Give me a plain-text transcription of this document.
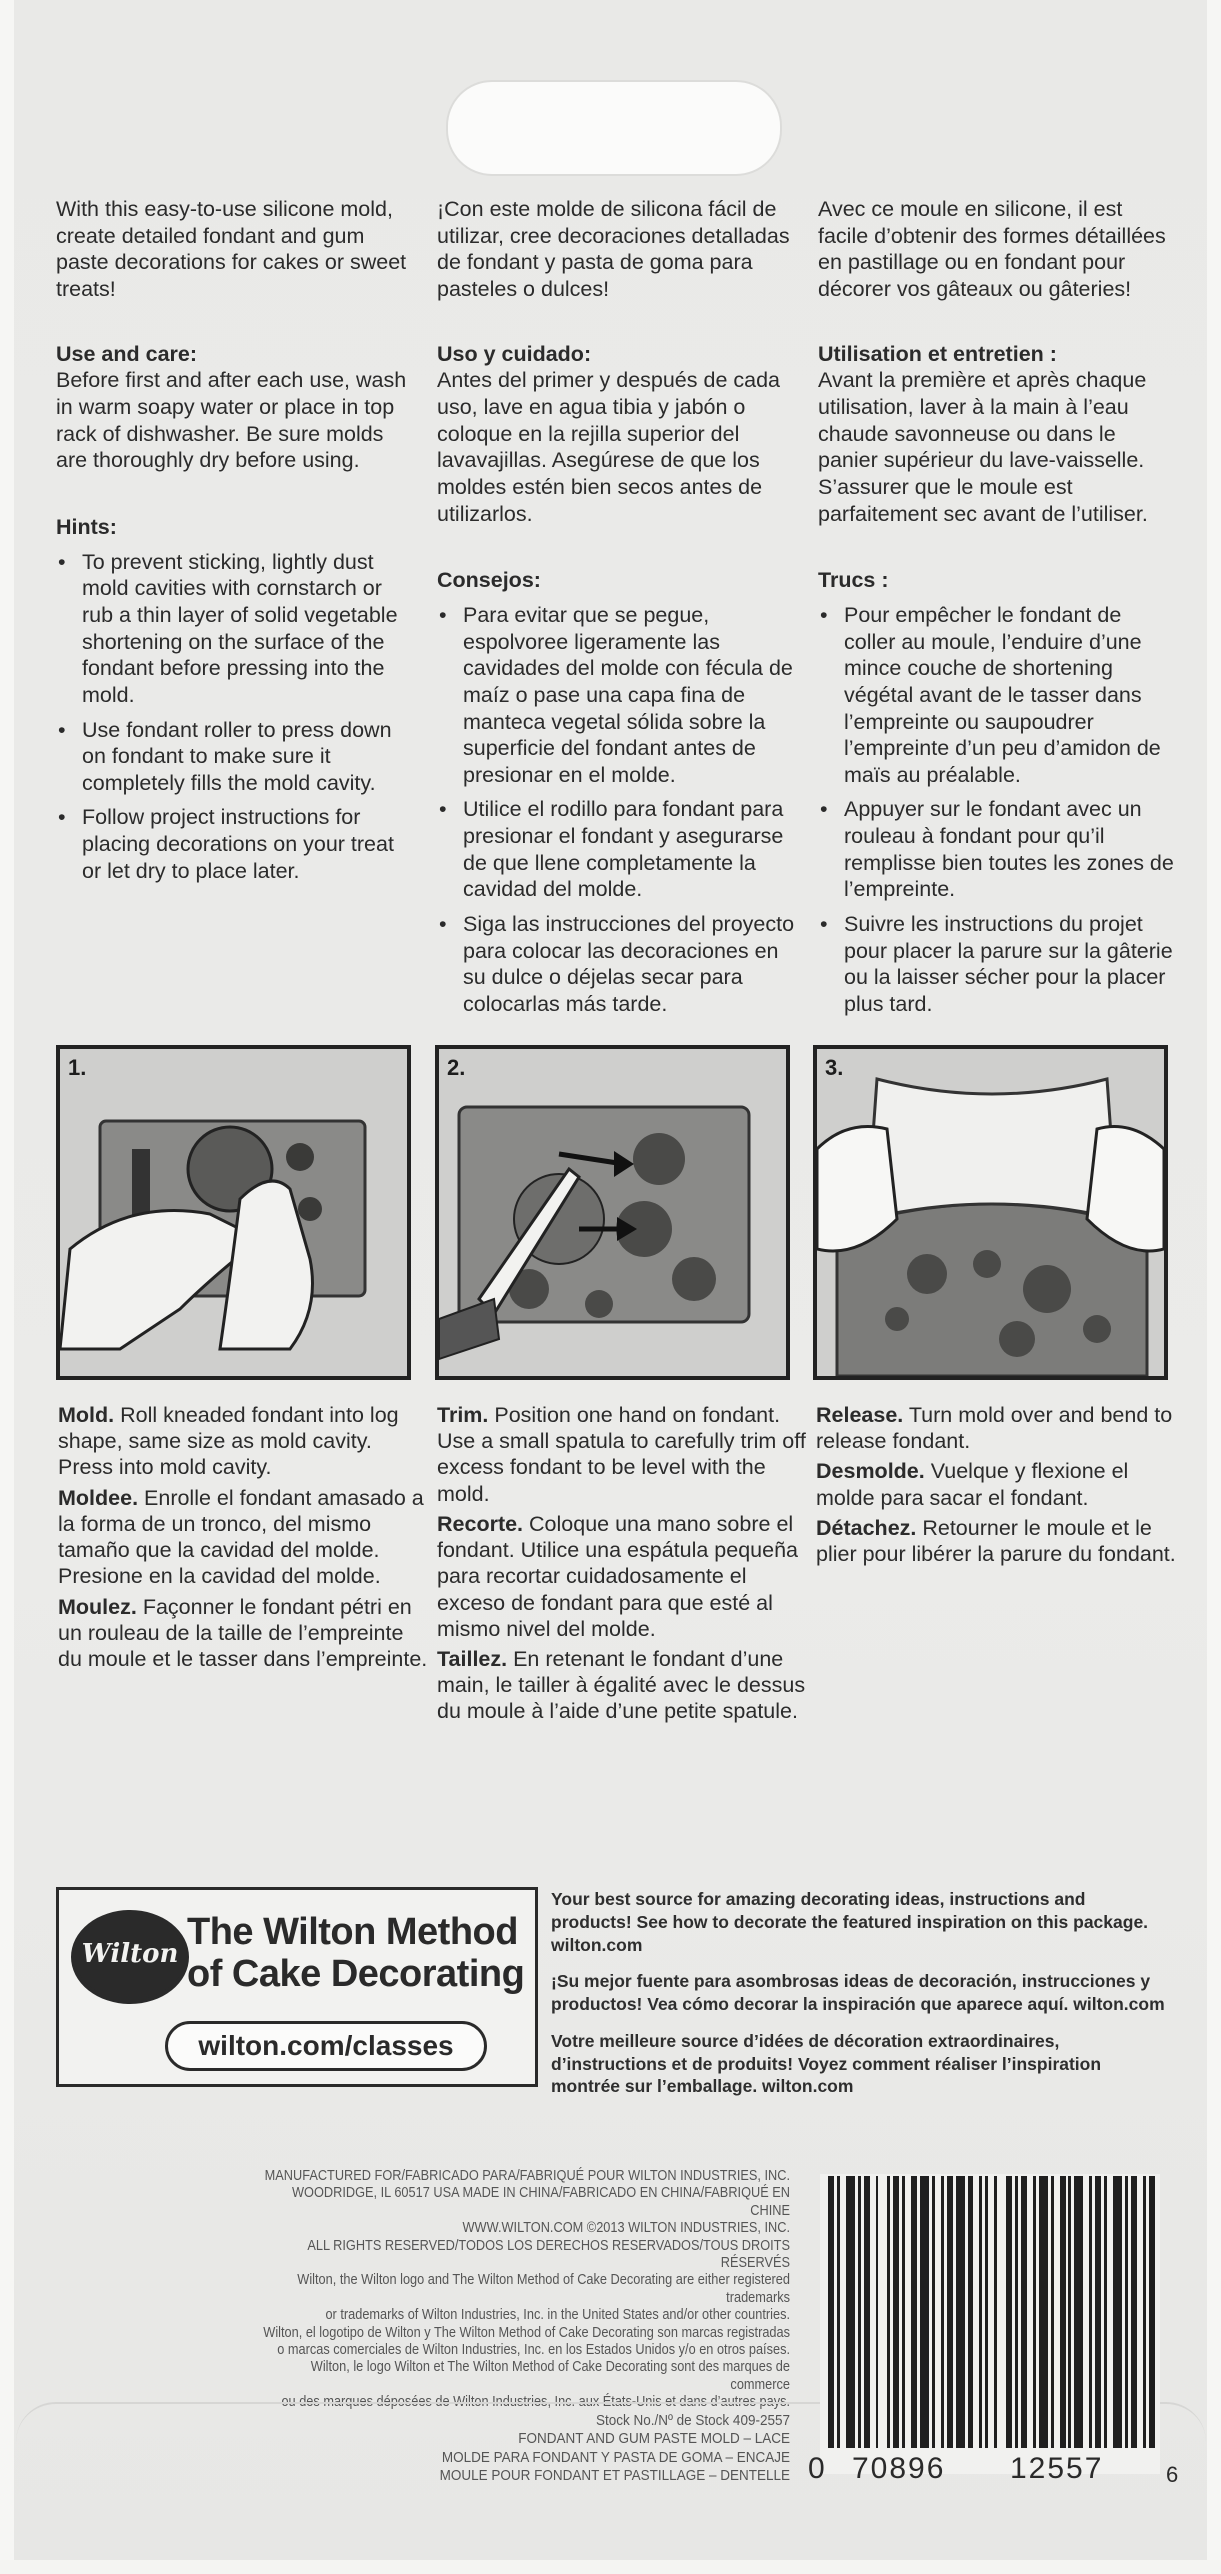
With this easy-to-use silicone mold, create detailed fondant and gum paste decorations for cakes or sweet treats!

Use and care:

Before first and after each use, wash in warm soapy water or place in top rack of dishwasher. Be sure molds are thoroughly dry before using.

Hints:
• To prevent sticking, lightly dust mold cavities with cornstarch or rub a thin layer of solid vegetable shortening on the surface of the fondant before pressing into the mold.
• Use fondant roller to press down on fondant to make sure it completely fills the mold cavity.
• Follow project instructions for placing decorations on your treat or let dry to place later.

¡Con este molde de silicona fácil de utilizar, cree decoraciones detalladas de fondant y pasta de goma para pasteles o dulces!

Uso y cuidado:

Antes del primer y después de cada uso, lave en agua tibia y jabón o coloque en la rejilla superior del lavavajillas. Asegúrese de que los moldes estén bien secos antes de utilizarlos.

Consejos:
• Para evitar que se pegue, espolvoree ligeramente las cavidades del molde con fécula de maíz o pase una capa fina de manteca vegetal sólida sobre la superficie del fondant antes de presionar en el molde.
• Utilice el rodillo para fondant para presionar el fondant y asegurarse de que llene completamente la cavidad del molde.
• Siga las instrucciones del proyecto para colocar las decoraciones en su dulce o déjelas secar para colocarlas más tarde.

Avec ce moule en silicone, il est facile d’obtenir des formes détaillées en pastillage ou en fondant pour décorer vos gâteaux ou gâteries!

Utilisation et entretien :

Avant la première et après chaque utilisation, laver à la main à l’eau chaude savonneuse ou dans le panier supérieur du lave-vaisselle. S’assurer que le moule est parfaitement sec avant de l’utiliser.

Trucs :
• Pour empêcher le fondant de coller au moule, l’enduire d’une mince couche de shortening végétal avant de le tasser dans l’empreinte ou saupoudrer l’empreinte d’un peu d’amidon de maïs au préalable.
• Appuyer sur le fondant avec un rouleau à fondant pour qu’il remplisse bien toutes les zones de l’empreinte.
• Suivre les instructions du projet pour placer la parure sur la gâterie ou la laisser sécher pour la placer plus tard.
1.	2.	3.

Mold. Roll kneaded fondant into log shape, same size as mold cavity. Press into mold cavity.

Moldee. Enrolle el fondant amasado a la forma de un tronco, del mismo tamaño que la cavidad del molde. Presione en la cavidad del molde.

Moulez. Façonner le fondant pétri en un rouleau de la taille de l’empreinte du moule et le tasser dans l’empreinte.

Trim. Position one hand on fondant. Use a small spatula to carefully trim off excess fondant to be level with the mold.

Recorte. Coloque una mano sobre el fondant. Utilice una espátula pequeña para recortar cuidadosamente el exceso de fondant para que esté al mismo nivel del molde.

Taillez. En retenant le fondant d’une main, le tailler à égalité avec le dessus du moule à l’aide d’une petite spatule.

Release. Turn mold over and bend to release fondant.

Desmolde. Vuelque y flexione el molde para sacar el fondant.

Détachez. Retourner le moule et le plier pour libérer la parure du fondant.

Wilton
The Wilton Method
of Cake Decorating
wilton.com/classes

Your best source for amazing decorating ideas, instructions and products! See how to decorate the featured inspiration on this package. wilton.com

¡Su mejor fuente para asombrosas ideas de decoración, instrucciones y productos! Vea cómo decorar la inspiración que aparece aquí. wilton.com

Votre meilleure source d’idées de décoration extraordinaires, d’instructions et de produits! Voyez comment réaliser l’inspiration montrée sur l’emballage. wilton.com

MANUFACTURED FOR/FABRICADO PARA/FABRIQUÉ POUR WILTON INDUSTRIES, INC.

WOODRIDGE, IL 60517 USA MADE IN CHINA/FABRICADO EN CHINA/FABRIQUÉ EN CHINE

WWW.WILTON.COM ©2013 WILTON INDUSTRIES, INC.

ALL RIGHTS RESERVED/TODOS LOS DERECHOS RESERVADOS/TOUS DROITS RÉSERVÉS

Wilton, the Wilton logo and The Wilton Method of Cake Decorating are either registered trademarks

or trademarks of Wilton Industries, Inc. in the United States and/or other countries.

Wilton, el logotipo de Wilton y The Wilton Method of Cake Decorating son marcas registradas

o marcas comerciales de Wilton Industries, Inc. en los Estados Unidos y/o en otros países.

Wilton, le logo Wilton et The Wilton Method of Cake Decorating sont des marques de commerce

ou des marques déposées de Wilton Industries, Inc. aux États-Unis et dans d’autres pays.

Stock No./Nº de Stock 409-2557

FONDANT AND GUM PASTE MOLD – LACE

MOLDE PARA FONDANT Y PASTA DE GOMA – ENCAJE

MOULE POUR FONDANT ET PASTILLAGE – DENTELLE 0 70896 12557	6
